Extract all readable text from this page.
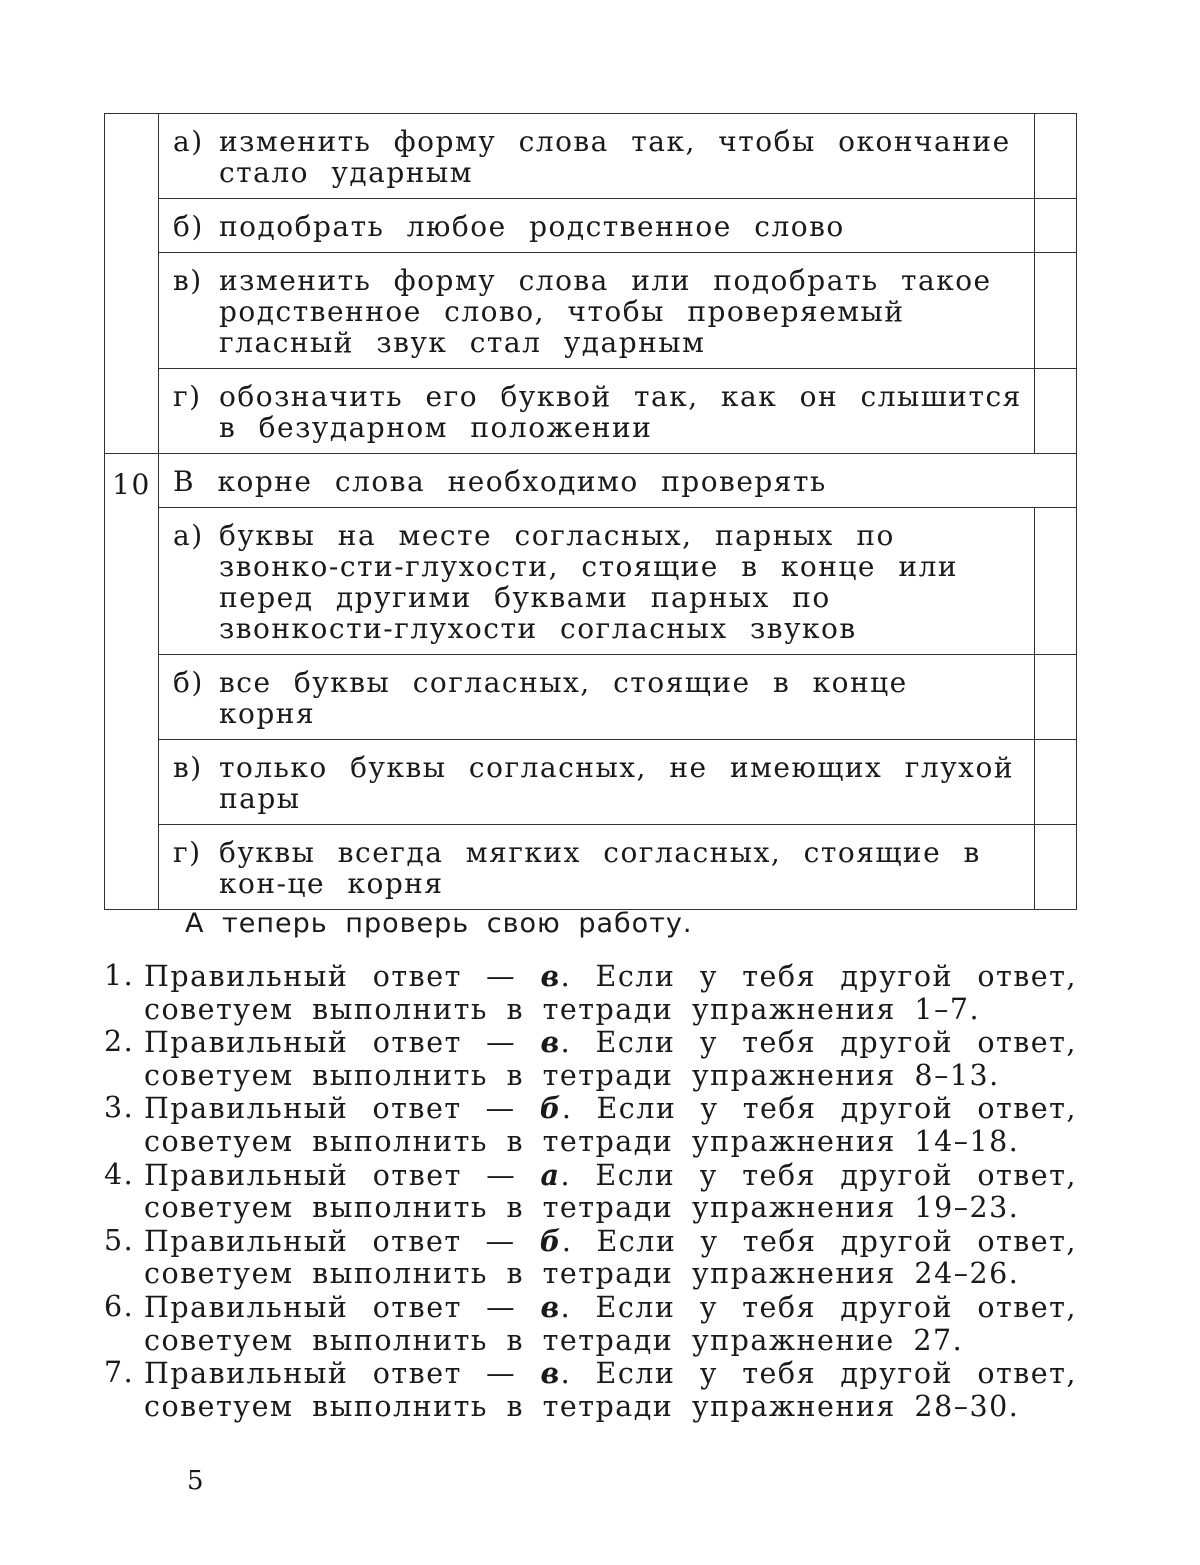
	а) изменить форму слова так, чтобы окончание стало ударным	

	б) подобрать любое родственное слово	

	в) изменить форму слова или подобрать такое родственное слово, чтобы проверяемый гласный звук стал ударным	

	г) обозначить его буквой так, как он слышится в безударном положении	

10	В корне слова необходимо проверять	

	а) буквы на месте согласных, парных по звонко-сти-глухости, стоящие в конце или перед другими буквами парных по звонкости-глухости согласных звуков	

	б) все буквы согласных, стоящие в конце корня	

	в) только буквы согласных, не имеющих глухой пары	

	г) буквы всегда мягких согласных, стоящие в кон-це корня	

А теперь проверь свою работу.
1. Правильный ответ — в. Если у тебя другой ответ,
советуем выполнить в тетради упражнения 1–7.
2. Правильный ответ — в. Если у тебя другой ответ,
советуем выполнить в тетради упражнения 8–13.
3. Правильный ответ — б. Если у тебя другой ответ,
советуем выполнить в тетради упражнения 14–18.
4. Правильный ответ — а. Если у тебя другой ответ,
советуем выполнить в тетради упражнения 19–23.
5. Правильный ответ — б. Если у тебя другой ответ,
советуем выполнить в тетради упражнения 24–26.
6. Правильный ответ — в. Если у тебя другой ответ,
советуем выполнить в тетради упражнение 27.
7. Правильный ответ — в. Если у тебя другой ответ,
советуем выполнить в тетради упражнения 28–30.
5
